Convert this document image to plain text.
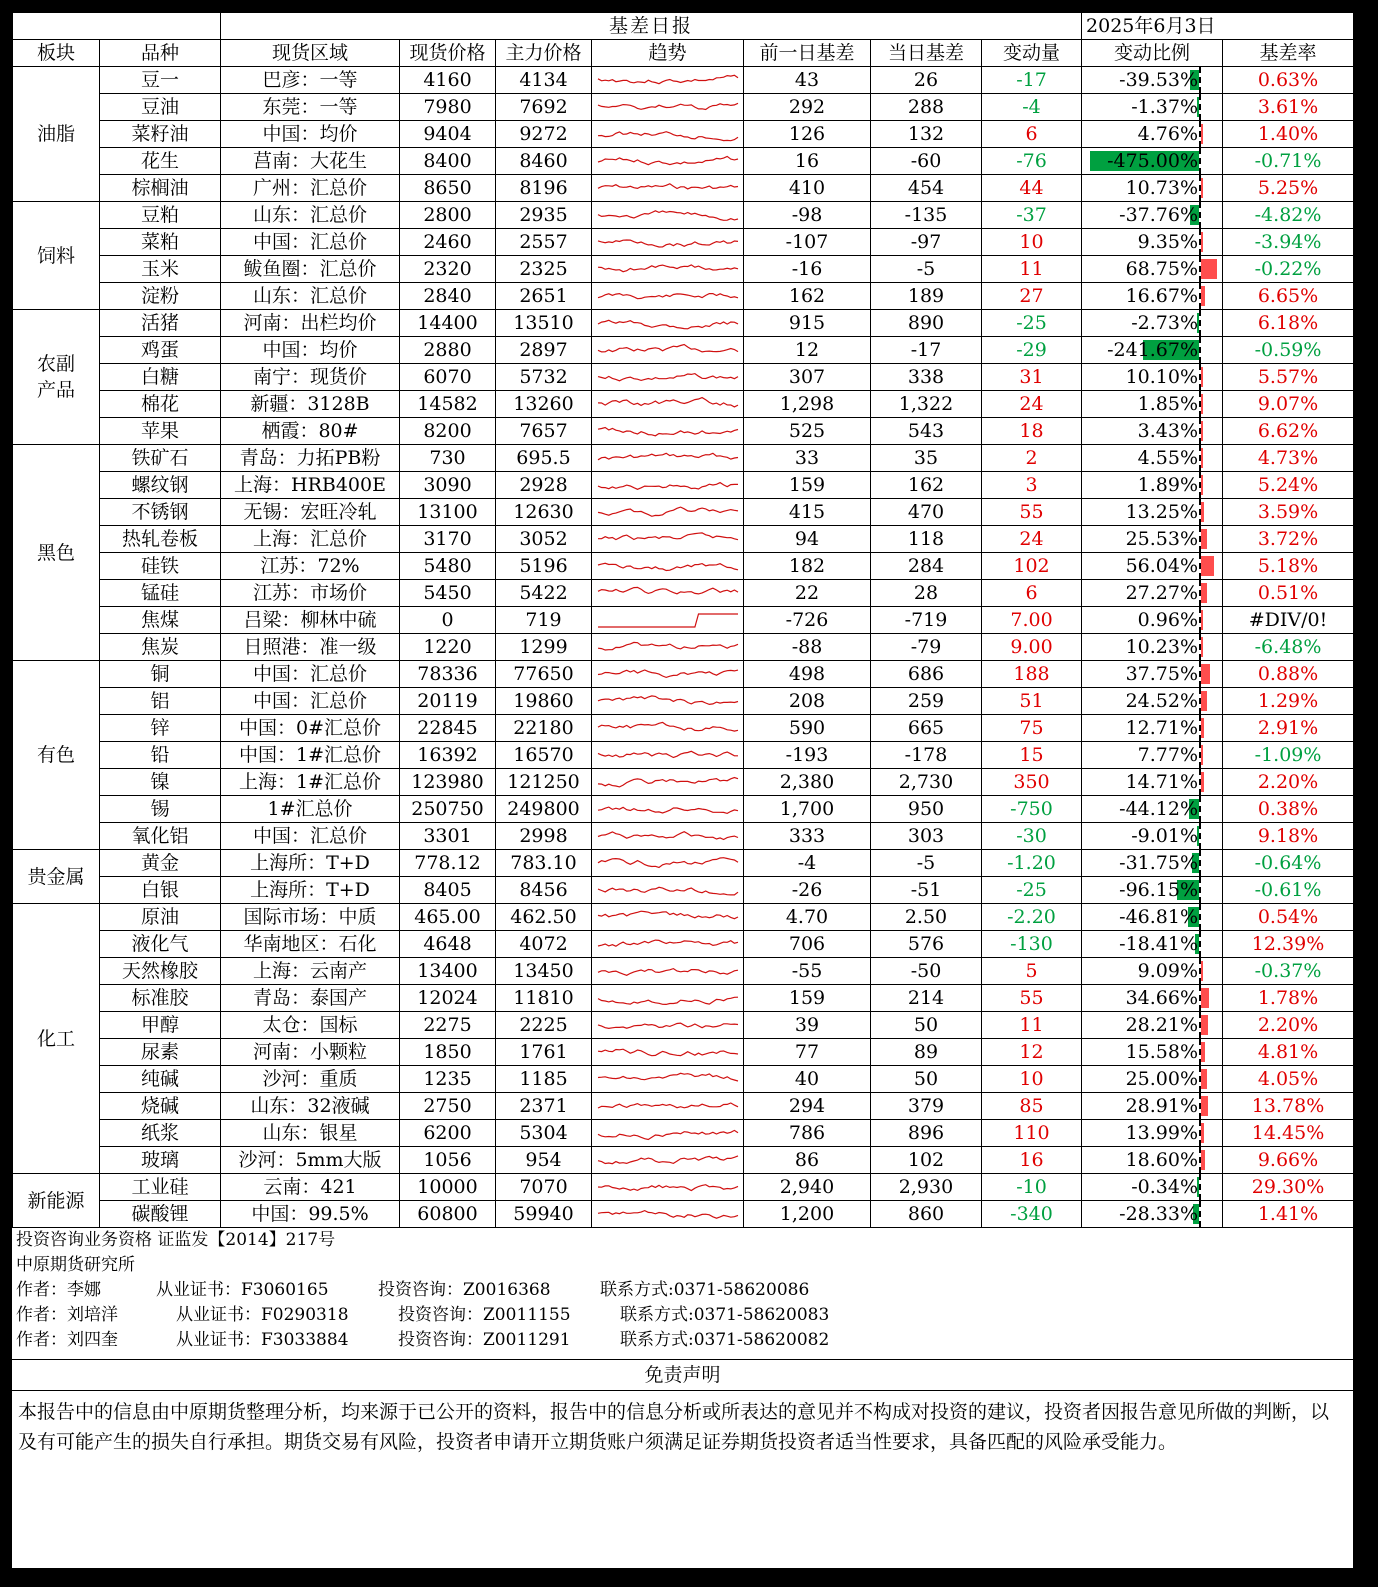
		基差日报							2025年6月3日	
板块	品种	现货区域	现货价格	主力价格	趋势	前一日基差	当日基差	变动量	变动比例	基差率
油脂	豆一	巴彦：一等	4160	4134		43	26	-17	-39.53%	0.63%
	豆油	东莞：一等	7980	7692		292	288	-4	-1.37%	3.61%
	菜籽油	中国：均价	9404	9272		126	132	6	4.76%	1.40%
	花生	莒南：大花生	8400	8460		16	-60	-76	-475.00%	-0.71%
	棕榈油	广州：汇总价	8650	8196		410	454	44	10.73%	5.25%
饲料	豆粕	山东：汇总价	2800	2935		-98	-135	-37	-37.76%	-4.82%
	菜粕	中国：汇总价	2460	2557		-107	-97	10	9.35%	-3.94%
	玉米	鲅鱼圈：汇总价	2320	2325		-16	-5	11	68.75%	-0.22%
	淀粉	山东：汇总价	2840	2651		162	189	27	16.67%	6.65%
农副
产品	活猪	河南：出栏均价	14400	13510		915	890	-25	-2.73%	6.18%
	鸡蛋	中国：均价	2880	2897		12	-17	-29	-241.67%	-0.59%
	白糖	南宁：现货价	6070	5732		307	338	31	10.10%	5.57%
	棉花	新疆：3128B	14582	13260		1,298	1,322	24	1.85%	9.07%
	苹果	栖霞：80#	8200	7657		525	543	18	3.43%	6.62%
黑色	铁矿石	青岛：力拓PB粉	730	695.5		33	35	2	4.55%	4.73%
	螺纹钢	上海：HRB400E	3090	2928		159	162	3	1.89%	5.24%
	不锈钢	无锡：宏旺冷轧	13100	12630		415	470	55	13.25%	3.59%
	热轧卷板	上海：汇总价	3170	3052		94	118	24	25.53%	3.72%
	硅铁	江苏：72%	5480	5196		182	284	102	56.04%	5.18%
	锰硅	江苏：市场价	5450	5422		22	28	6	27.27%	0.51%
	焦煤	吕梁：柳林中硫	0	719		-726	-719	7.00	0.96%	#DIV/0!
	焦炭	日照港：准一级	1220	1299		-88	-79	9.00	10.23%	-6.48%
有色	铜	中国：汇总价	78336	77650		498	686	188	37.75%	0.88%
	铝	中国：汇总价	20119	19860		208	259	51	24.52%	1.29%
	锌	中国：0#汇总价	22845	22180		590	665	75	12.71%	2.91%
	铅	中国：1#汇总价	16392	16570		-193	-178	15	7.77%	-1.09%
	镍	上海：1#汇总价	123980	121250		2,380	2,730	350	14.71%	2.20%
	锡	1#汇总价	250750	249800		1,700	950	-750	-44.12%	0.38%
	氧化铝	中国：汇总价	3301	2998		333	303	-30	-9.01%	9.18%
贵金属	黄金	上海所：T+D	778.12	783.10		-4	-5	-1.20	-31.75%	-0.64%
	白银	上海所：T+D	8405	8456		-26	-51	-25	-96.15%	-0.61%
化工	原油	国际市场：中质	465.00	462.50		4.70	2.50	-2.20	-46.81%	0.54%
	液化气	华南地区：石化	4648	4072		706	576	-130	-18.41%	12.39%
	天然橡胶	上海：云南产	13400	13450		-55	-50	5	9.09%	-0.37%
	标准胶	青岛：泰国产	12024	11810		159	214	55	34.66%	1.78%
	甲醇	太仓：国标	2275	2225		39	50	11	28.21%	2.20%
	尿素	河南：小颗粒	1850	1761		77	89	12	15.58%	4.81%
	纯碱	沙河：重质	1235	1185		40	50	10	25.00%	4.05%
	烧碱	山东：32液碱	2750	2371		294	379	85	28.91%	13.78%
	纸浆	山东：银星	6200	5304		786	896	110	13.99%	14.45%
	玻璃	沙河：5mm大版	1056	954		86	102	16	18.60%	9.66%
新能源	工业硅	云南：421	10000	7070		2,940	2,930	-10	-0.34%	29.30%
	碳酸锂	中国：99.5%	60800	59940		1,200	860	-340	-28.33%	1.41%
投资咨询业务资格 证监发【2014】217号
中原期货研究所
作者：李娜	从业证书：F3060165	投资咨询：Z0016368	联系方式:0371-58620086
作者：刘培洋	从业证书：F0290318	投资咨询：Z0011155	联系方式:0371-58620083
作者：刘四奎	从业证书：F3033884	投资咨询：Z0011291	联系方式:0371-58620082
免责声明
本报告中的信息由中原期货整理分析，均来源于已公开的资料，报告中的信息分析或所表达的意见并不构成对投资的建议，投资者因报告意见所做的判断，以及有可能产生的损失自行承担。期货交易有风险，投资者申请开立期货账户须满足证券期货投资者适当性要求，具备匹配的风险承受能力。
